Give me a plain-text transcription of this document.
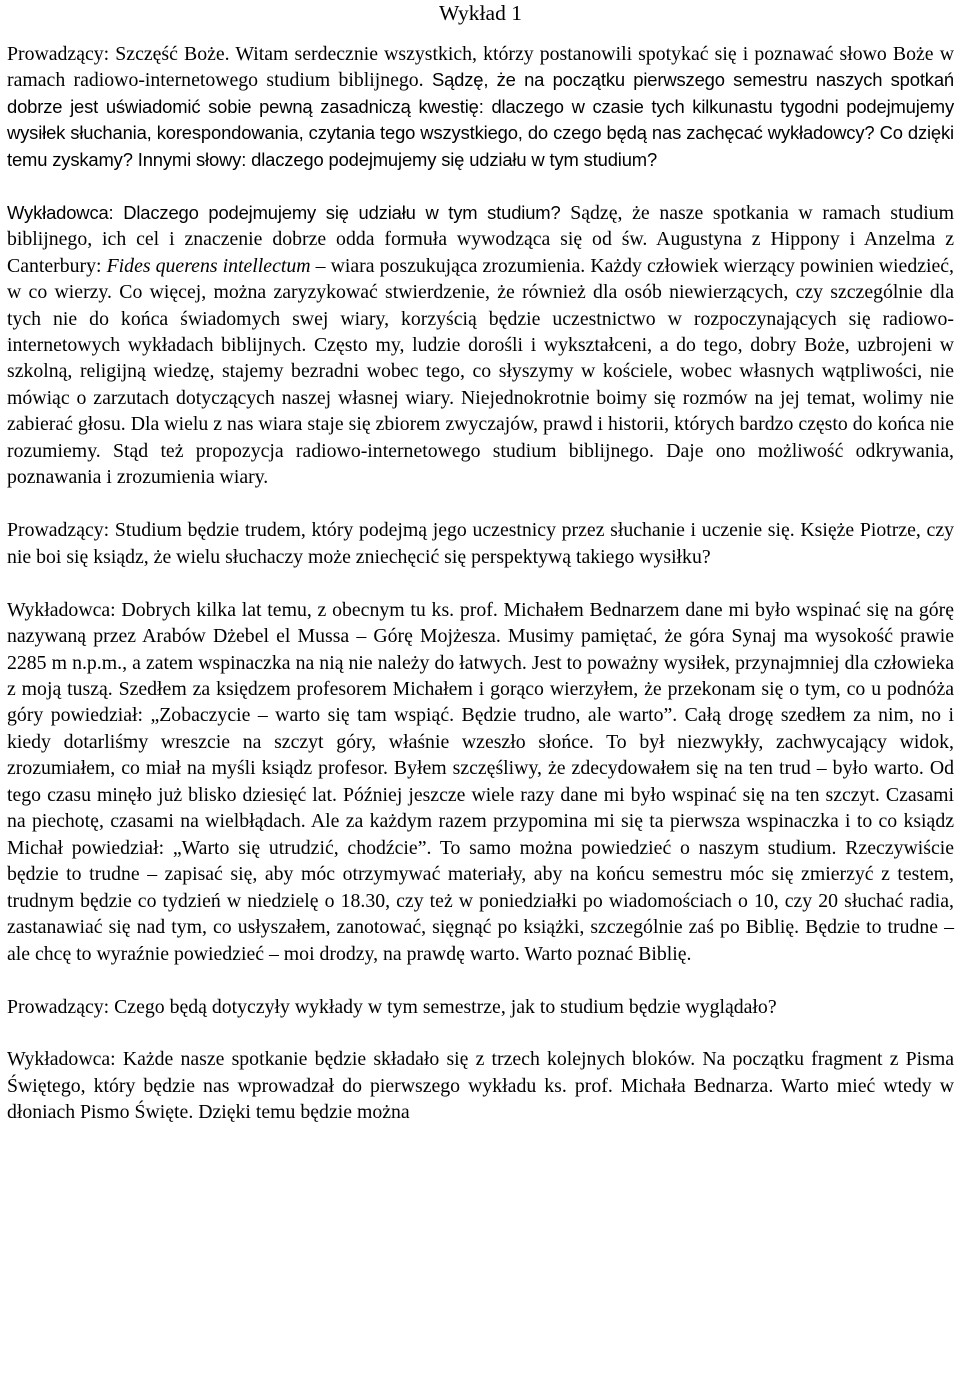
Wykład 1

Prowadzący: Szczęść Boże. Witam serdecznie wszystkich, którzy postanowili spotykać się i poznawać słowo Boże w ramach radiowo-internetowego studium biblijnego. Sądzę, że na początku pierwszego semestru naszych spotkań dobrze jest uświadomić sobie pewną zasadniczą kwestię: dlaczego w czasie tych kilkunastu tygodni podejmujemy wysiłek słuchania, korespondowania, czytania tego wszystkiego, do czego będą nas zachęcać wykładowcy? Co dzięki temu zyskamy? Innymi słowy: dlaczego podejmujemy się udziału w tym studium?

Wykładowca: Dlaczego podejmujemy się udziału w tym studium? Sądzę, że nasze spotkania w ramach studium biblijnego, ich cel i znaczenie dobrze odda formuła wywodząca się od św. Augustyna z Hippony i Anzelma z Canterbury: Fides querens intellectum – wiara poszukująca zrozumienia. Każdy człowiek wierzący powinien wiedzieć, w co wierzy. Co więcej, można zaryzykować stwierdzenie, że również dla osób niewierzących, czy szczególnie dla tych nie do końca świadomych swej wiary, korzyścią będzie uczestnictwo w rozpoczynających się radiowo-internetowych wykładach biblijnych. Często my, ludzie dorośli i wykształceni, a do tego, dobry Boże, uzbrojeni w szkolną, religijną wiedzę, stajemy bezradni wobec tego, co słyszymy w kościele, wobec własnych wątpliwości, nie mówiąc o zarzutach dotyczących naszej własnej wiary. Niejednokrotnie boimy się rozmów na jej temat, wolimy nie zabierać głosu. Dla wielu z nas wiara staje się zbiorem zwyczajów, prawd i historii, których bardzo często do końca nie rozumiemy. Stąd też propozycja radiowo-internetowego studium biblijnego. Daje ono możliwość odkrywania, poznawania i zrozumienia wiary.

Prowadzący: Studium będzie trudem, który podejmą jego uczestnicy przez słuchanie i uczenie się. Księże Piotrze, czy nie boi się ksiądz, że wielu słuchaczy może zniechęcić się perspektywą takiego wysiłku?

Wykładowca: Dobrych kilka lat temu, z obecnym tu ks. prof. Michałem Bednarzem dane mi było wspinać się na górę nazywaną przez Arabów Dżebel el Mussa – Górę Mojżesza. Musimy pamiętać, że góra Synaj ma wysokość prawie 2285 m n.p.m., a zatem wspinaczka na nią nie należy do łatwych. Jest to poważny wysiłek, przynajmniej dla człowieka z moją tuszą. Szedłem za księdzem profesorem Michałem i gorąco wierzyłem, że przekonam się o tym, co u podnóża góry powiedział: „Zobaczycie – warto się tam wspiąć. Będzie trudno, ale warto”. Całą drogę szedłem za nim, no i kiedy dotarliśmy wreszcie na szczyt góry, właśnie wzeszło słońce. To był niezwykły, zachwycający widok, zrozumiałem, co miał na myśli ksiądz profesor. Byłem szczęśliwy, że zdecydowałem się na ten trud – było warto. Od tego czasu minęło już blisko dziesięć lat. Później jeszcze wiele razy dane mi było wspinać się na ten szczyt. Czasami na piechotę, czasami na wielbłądach. Ale za każdym razem przypomina mi się ta pierwsza wspinaczka i to co ksiądz Michał powiedział: „Warto się utrudzić, chodźcie”. To samo można powiedzieć o naszym studium. Rzeczywiście będzie to trudne – zapisać się, aby móc otrzymywać materiały, aby na końcu semestru móc się zmierzyć z testem, trudnym będzie co tydzień w niedzielę o 18.30, czy też w poniedziałki po wiadomościach o 10, czy 20 słuchać radia, zastanawiać się nad tym, co usłyszałem, zanotować, sięgnąć po książki, szczególnie zaś po Biblię. Będzie to trudne – ale chcę to wyraźnie powiedzieć – moi drodzy, na prawdę warto. Warto poznać Biblię.

Prowadzący: Czego będą dotyczyły wykłady w tym semestrze, jak to studium będzie wyglądało?

Wykładowca: Każde nasze spotkanie będzie składało się z trzech kolejnych bloków. Na początku fragment z Pisma Świętego, który będzie nas wprowadzał do pierwszego wykładu ks. prof. Michała Bednarza. Warto mieć wtedy w dłoniach Pismo Święte. Dzięki temu będzie można
